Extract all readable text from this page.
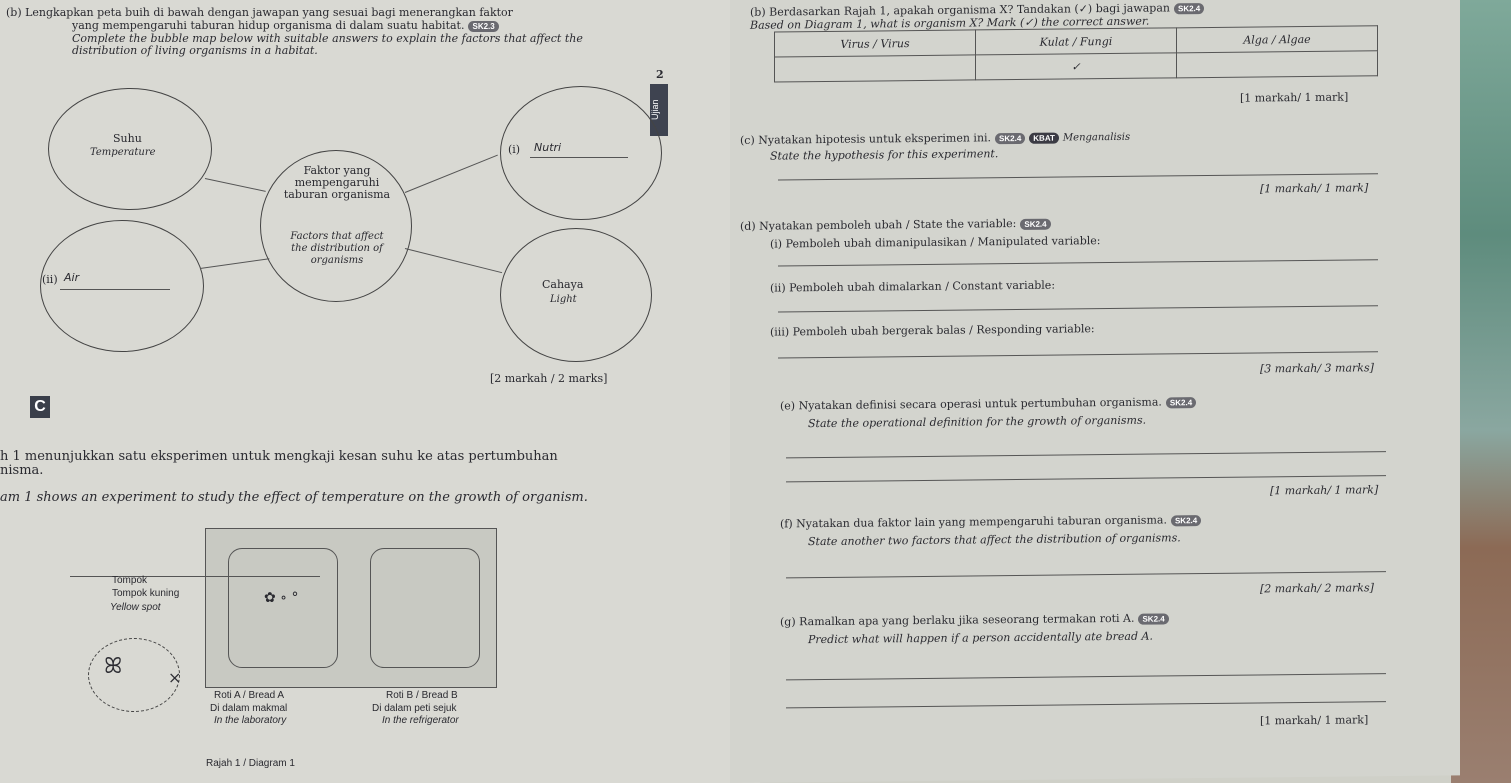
(b) Lengkapkan peta buih di bawah dengan jawapan yang sesuai bagi menerangkan faktor
yang mempengaruhi taburan hidup organisma di dalam suatu habitat. SK2.3
Complete the bubble map below with suitable answers to explain the factors that affect the
distribution of living organisms in a habitat.
2
Ujian
Suhu
Temperature
Faktor yang mempengaruhi taburan organisma
Factors that affect the distribution of organisms
(i) Nutri
(ii) Air
Cahaya
Light
[2 markah / 2 marks]
C
h 1 menunjukkan satu eksperimen untuk mengkaji kesan suhu ke atas pertumbuhan
nisma.
am 1 shows an experiment to study the effect of temperature on the growth of organism.
✿ ∘ °
Tompok
Tompok kuning
Yellow spot
ꕤ	×
Roti A / Bread A
Di dalam makmal
In the laboratory
Roti B / Bread B
Di dalam peti sejuk
In the refrigerator
Rajah 1 / Diagram 1
(b) Berdasarkan Rajah 1, apakah organisma X? Tandakan (✓) bagi jawapan SK2.4
Based on Diagram 1, what is organism X? Mark (✓) the correct answer.
Virus / Virus	Kulat / Fungi	Alga / Algae
	✓	
[1 markah/ 1 mark]
(c) Nyatakan hipotesis untuk eksperimen ini. SK2.4 KBAT Menganalisis
State the hypothesis for this experiment.
[1 markah/ 1 mark]
(d) Nyatakan pemboleh ubah / State the variable: SK2.4
(i) Pemboleh ubah dimanipulasikan / Manipulated variable:
(ii) Pemboleh ubah dimalarkan / Constant variable:
(iii) Pemboleh ubah bergerak balas / Responding variable:
[3 markah/ 3 marks]
(e) Nyatakan definisi secara operasi untuk pertumbuhan organisma. SK2.4
State the operational definition for the growth of organisms.
[1 markah/ 1 mark]
(f) Nyatakan dua faktor lain yang mempengaruhi taburan organisma. SK2.4
State another two factors that affect the distribution of organisms.
[2 markah/ 2 marks]
(g) Ramalkan apa yang berlaku jika seseorang termakan roti A. SK2.4
Predict what will happen if a person accidentally ate bread A.
[1 markah/ 1 mark]
